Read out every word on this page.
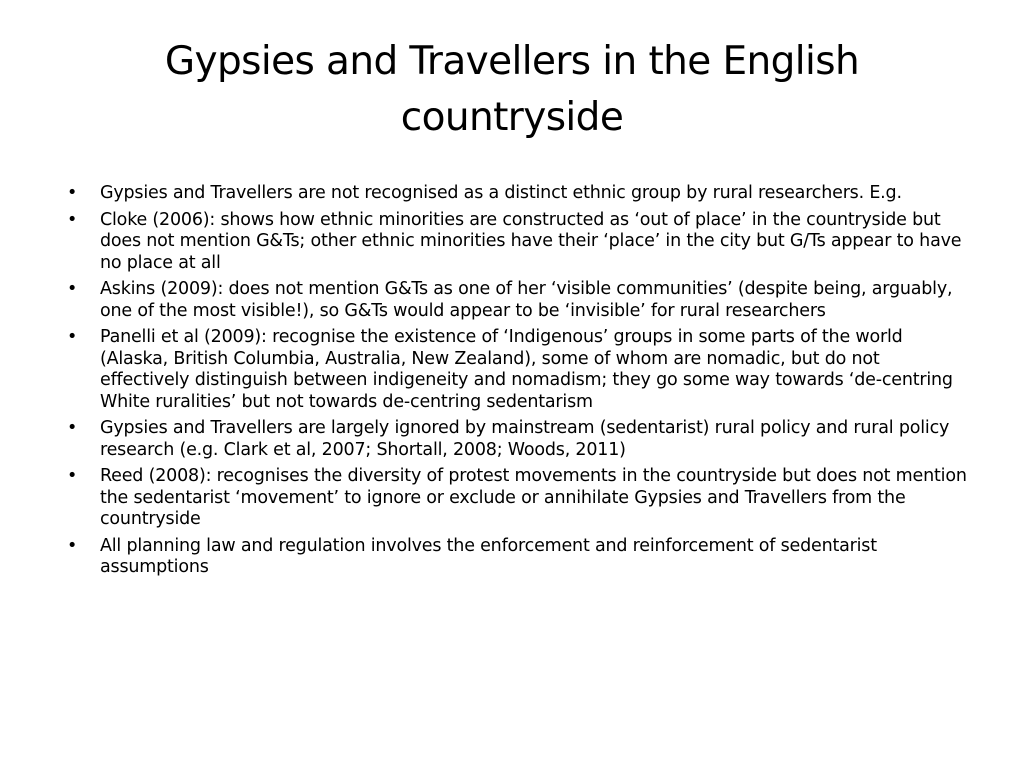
Gypsies and Travellers in the English countryside
• Gypsies and Travellers are not recognised as a distinct ethnic group by rural researchers. E.g.
• Cloke (2006): shows how ethnic minorities are constructed as ‘out of place’ in the countryside but does not mention G&Ts; other ethnic minorities have their ‘place’ in the city but G/Ts appear to have no place at all
• Askins (2009): does not mention G&Ts as one of her ‘visible communities’ (despite being, arguably, one of the most visible!), so G&Ts would appear to be ‘invisible’ for rural researchers
• Panelli et al (2009): recognise the existence of ‘Indigenous’ groups in some parts of the world (Alaska, British Columbia, Australia, New Zealand), some of whom are nomadic, but do not effectively distinguish between indigeneity and nomadism; they go some way towards ‘de-centring White ruralities’ but not towards de-centring sedentarism
• Gypsies and Travellers are largely ignored by mainstream (sedentarist) rural policy and rural policy research (e.g. Clark et al, 2007; Shortall, 2008; Woods, 2011)
• Reed (2008): recognises the diversity of protest movements in the countryside but does not mention the sedentarist ‘movement’ to ignore or exclude or annihilate Gypsies and Travellers from the countryside
• All planning law and regulation involves the enforcement and reinforcement of sedentarist assumptions
